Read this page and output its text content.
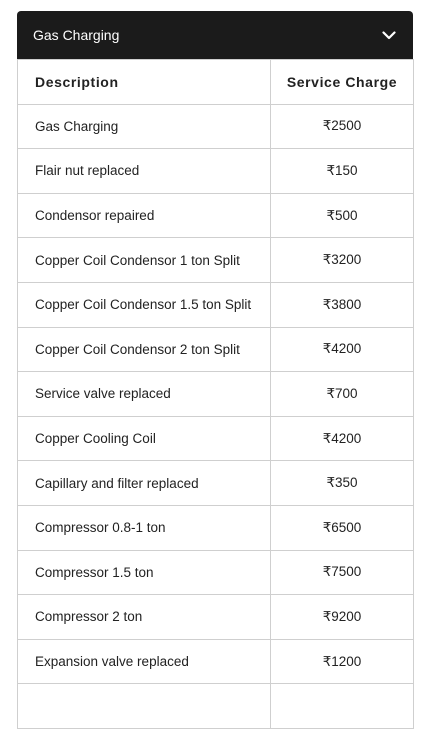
Gas Charging
Description	Service Charge
Gas Charging	₹2500
Flair nut replaced	₹150
Condensor repaired	₹500
Copper Coil Condensor 1 ton Split	₹3200
Copper Coil Condensor 1.5 ton Split	₹3800
Copper Coil Condensor 2 ton Split	₹4200
Service valve replaced	₹700
Copper Cooling Coil	₹4200
Capillary and filter replaced	₹350
Compressor 0.8-1 ton	₹6500
Compressor 1.5 ton	₹7500
Compressor 2 ton	₹9200
Expansion valve replaced	₹1200
